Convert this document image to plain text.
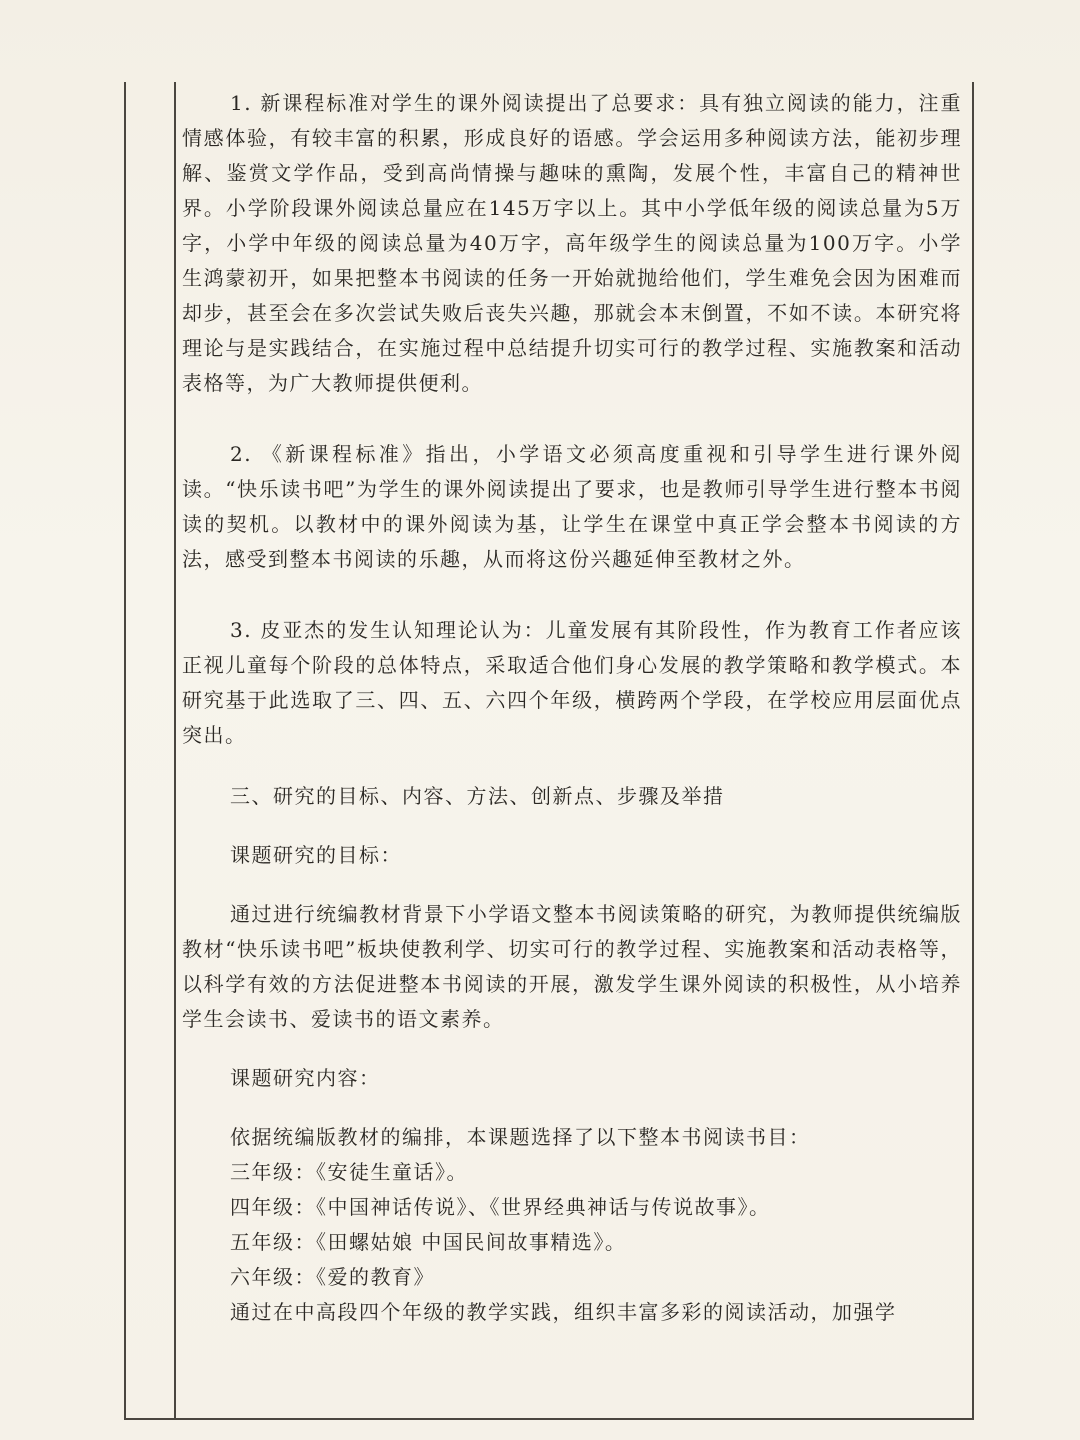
1. 新课程标准对学生的课外阅读提出了总要求：具有独立阅读的能力，注重情感体验，有较丰富的积累，形成良好的语感。学会运用多种阅读方法，能初步理解、鉴赏文学作品，受到高尚情操与趣味的熏陶，发展个性，丰富自己的精神世界。小学阶段课外阅读总量应在145万字以上。其中小学低年级的阅读总量为5万字，小学中年级的阅读总量为40万字，高年级学生的阅读总量为100万字。小学生鸿蒙初开，如果把整本书阅读的任务一开始就抛给他们，学生难免会因为困难而却步，甚至会在多次尝试失败后丧失兴趣，那就会本末倒置，不如不读。本研究将理论与是实践结合，在实施过程中总结提升切实可行的教学过程、实施教案和活动表格等，为广大教师提供便利。

2. 《新课程标准》指出，小学语文必须高度重视和引导学生进行课外阅读。“快乐读书吧”为学生的课外阅读提出了要求，也是教师引导学生进行整本书阅读的契机。以教材中的课外阅读为基，让学生在课堂中真正学会整本书阅读的方法，感受到整本书阅读的乐趣，从而将这份兴趣延伸至教材之外。

3. 皮亚杰的发生认知理论认为：儿童发展有其阶段性，作为教育工作者应该正视儿童每个阶段的总体特点，采取适合他们身心发展的教学策略和教学模式。本研究基于此选取了三、四、五、六四个年级，横跨两个学段，在学校应用层面优点突出。

三、研究的目标、内容、方法、创新点、步骤及举措

课题研究的目标：

通过进行统编教材背景下小学语文整本书阅读策略的研究，为教师提供统编版教材“快乐读书吧”板块使教利学、切实可行的教学过程、实施教案和活动表格等，以科学有效的方法促进整本书阅读的开展，激发学生课外阅读的积极性，从小培养学生会读书、爱读书的语文素养。

课题研究内容：

依据统编版教材的编排，本课题选择了以下整本书阅读书目：

三年级：《安徒生童话》。

四年级：《中国神话传说》、《世界经典神话与传说故事》。

五年级：《田螺姑娘 中国民间故事精选》。

六年级：《爱的教育》

通过在中高段四个年级的教学实践，组织丰富多彩的阅读活动，加强学
